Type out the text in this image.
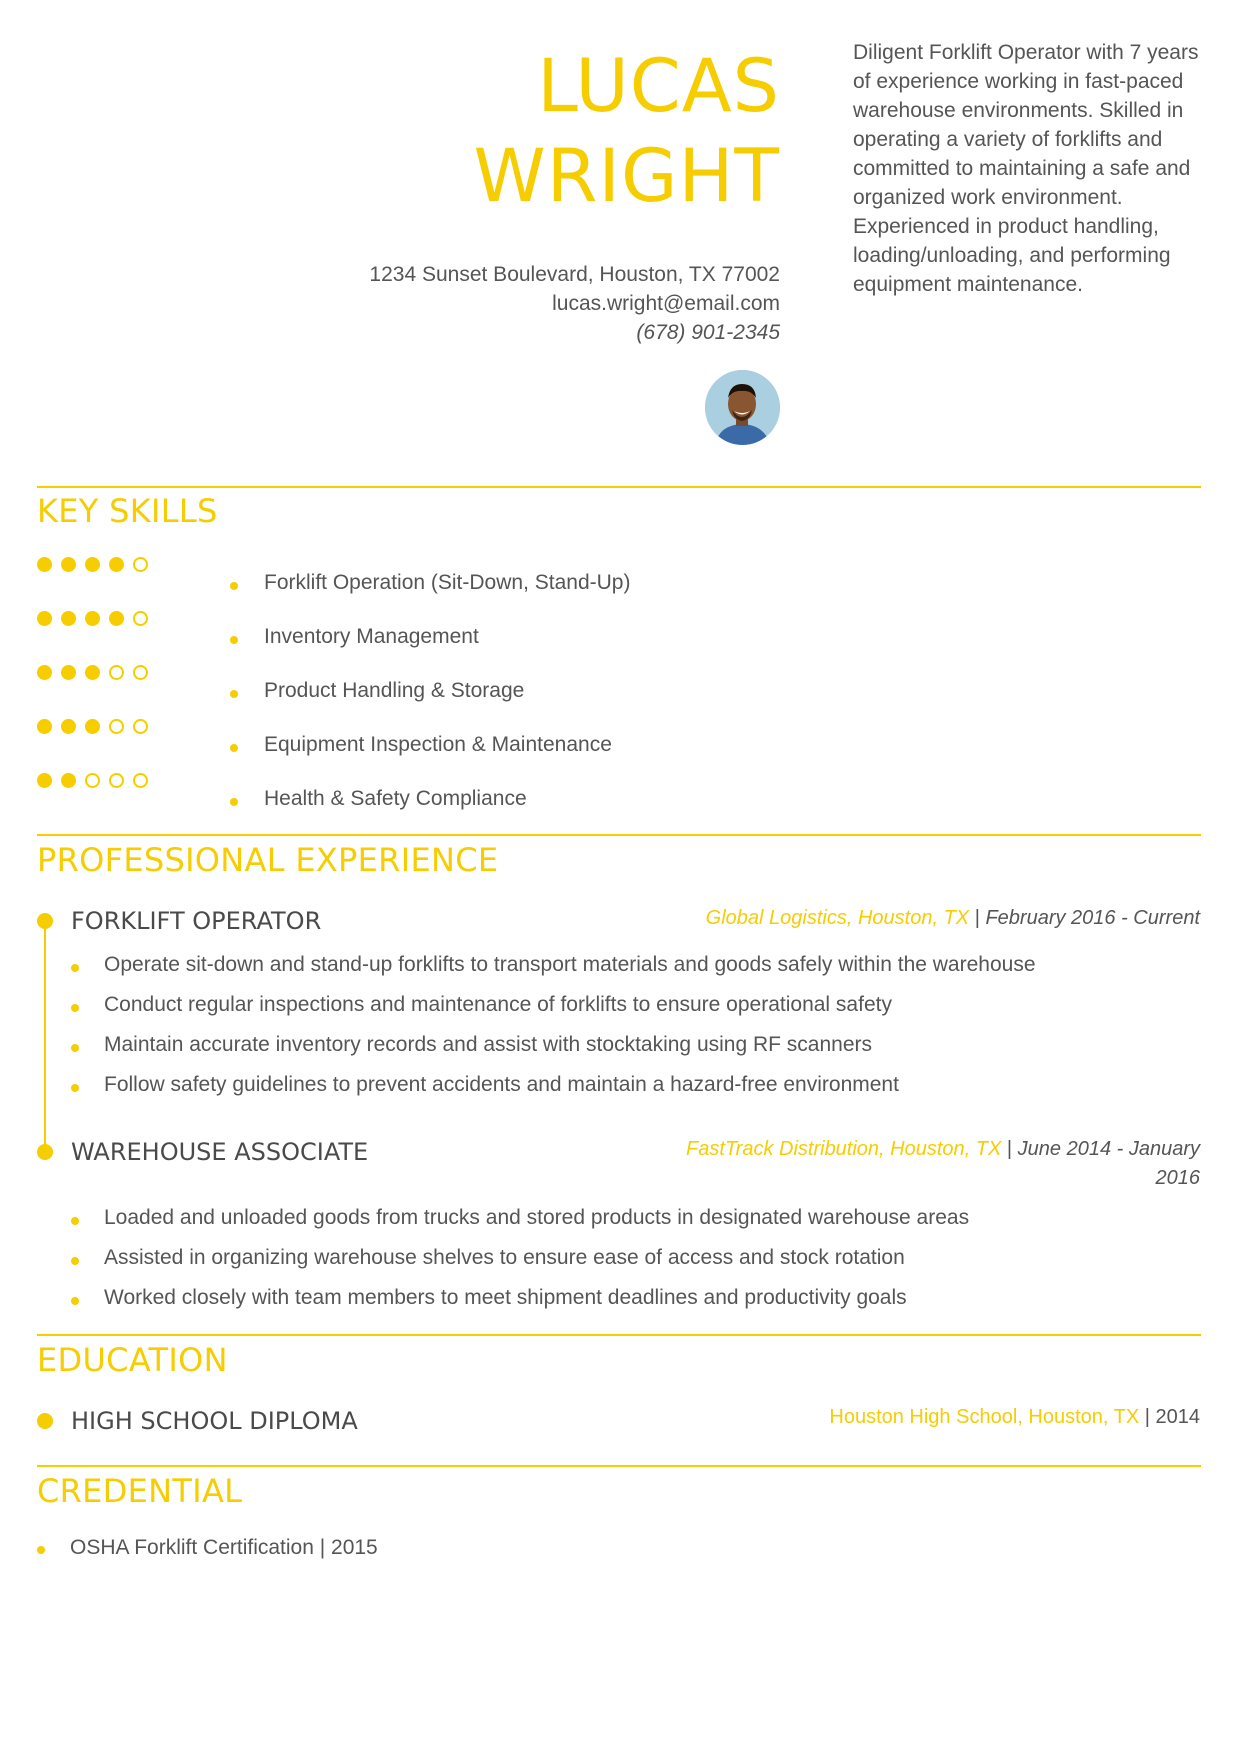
LUCAS
WRIGHT
1234 Sunset Boulevard, Houston, TX 77002
lucas.wright@email.com
(678) 901-2345
Diligent Forklift Operator with 7 years of experience working in fast-paced warehouse environments. Skilled in operating a variety of forklifts and committed to maintaining a safe and organized work environment. Experienced in product handling, loading/unloading, and performing equipment maintenance.
KEY SKILLS
Forklift Operation (Sit-Down, Stand-Up)
Inventory Management
Product Handling & Storage
Equipment Inspection & Maintenance
Health & Safety Compliance
PROFESSIONAL EXPERIENCE
FORKLIFT OPERATOR	Global Logistics, Houston, TX | February 2016 - Current
Operate sit-down and stand-up forklifts to transport materials and goods safely within the warehouse
Conduct regular inspections and maintenance of forklifts to ensure operational safety
Maintain accurate inventory records and assist with stocktaking using RF scanners
Follow safety guidelines to prevent accidents and maintain a hazard-free environment
WAREHOUSE ASSOCIATE	FastTrack Distribution, Houston, TX | June 2014 - January
2016
Loaded and unloaded goods from trucks and stored products in designated warehouse areas
Assisted in organizing warehouse shelves to ensure ease of access and stock rotation
Worked closely with team members to meet shipment deadlines and productivity goals
EDUCATION
HIGH SCHOOL DIPLOMA	Houston High School, Houston, TX | 2014
CREDENTIAL
OSHA Forklift Certification | 2015
